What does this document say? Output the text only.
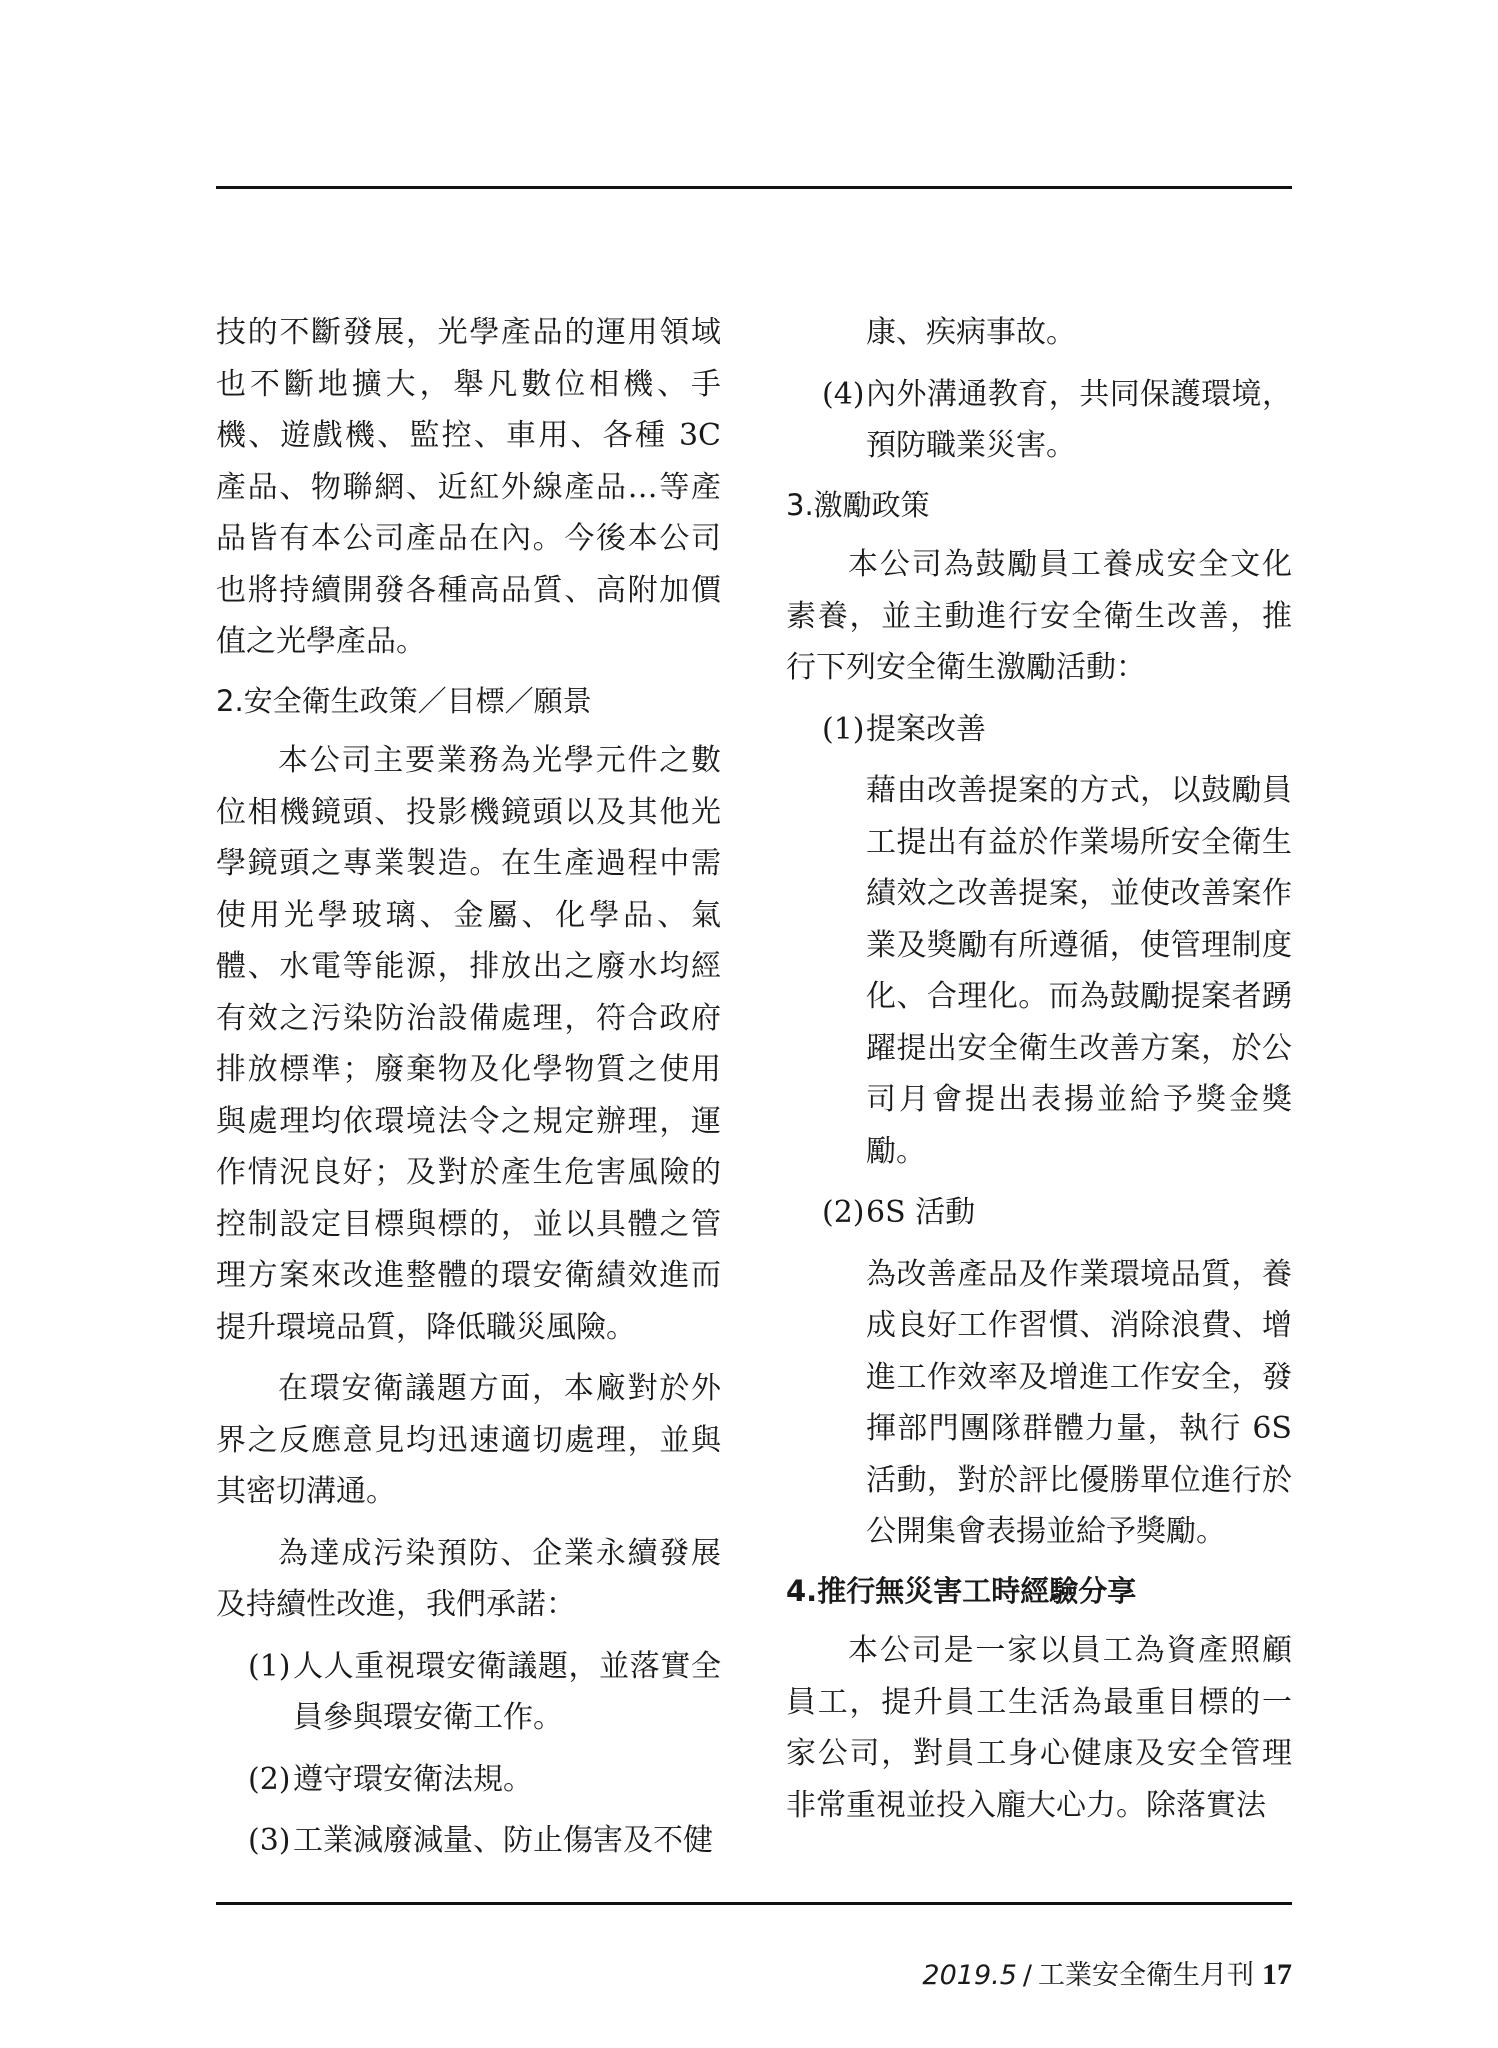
技的不斷發展，光學產品的運用領域也不斷地擴大，舉凡數位相機、手機、遊戲機、監控、車用、各種 3C 產品、物聯網、近紅外線產品…等產品皆有本公司產品在內。今後本公司也將持續開發各種高品質、高附加價值之光學產品。

2.安全衛生政策／目標／願景

本公司主要業務為光學元件之數位相機鏡頭、投影機鏡頭以及其他光學鏡頭之專業製造。在生產過程中需使用光學玻璃、金屬、化學品、氣體、水電等能源，排放出之廢水均經有效之污染防治設備處理，符合政府排放標準；廢棄物及化學物質之使用與處理均依環境法令之規定辦理，運作情況良好；及對於產生危害風險的控制設定目標與標的，並以具體之管理方案來改進整體的環安衛績效進而提升環境品質，降低職災風險。

在環安衛議題方面，本廠對於外界之反應意見均迅速適切處理，並與其密切溝通。

為達成污染預防、企業永續發展及持續性改進，我們承諾：

(1) 人人重視環安衛議題，並落實全員參與環安衛工作。

(2) 遵守環安衛法規。

(3) 工業減廢減量、防止傷害及不健

康、疾病事故。

(4) 內外溝通教育，共同保護環境，預防職業災害。

3.激勵政策

本公司為鼓勵員工養成安全文化素養，並主動進行安全衛生改善，推行下列安全衛生激勵活動：

(1) 提案改善

藉由改善提案的方式，以鼓勵員工提出有益於作業場所安全衛生績效之改善提案，並使改善案作業及獎勵有所遵循，使管理制度化、合理化。而為鼓勵提案者踴躍提出安全衛生改善方案，於公司月會提出表揚並給予獎金獎勵。

(2) 6S 活動

為改善產品及作業環境品質，養成良好工作習慣、消除浪費、增進工作效率及增進工作安全，發揮部門團隊群體力量，執行 6S 活動，對於評比優勝單位進行於公開集會表揚並給予獎勵。

4.推行無災害工時經驗分享

本公司是一家以員工為資產照顧員工，提升員工生活為最重目標的一家公司，對員工身心健康及安全管理非常重視並投入龐大心力。除落實法

2019.5 / 工業安全衛生月刊 17
